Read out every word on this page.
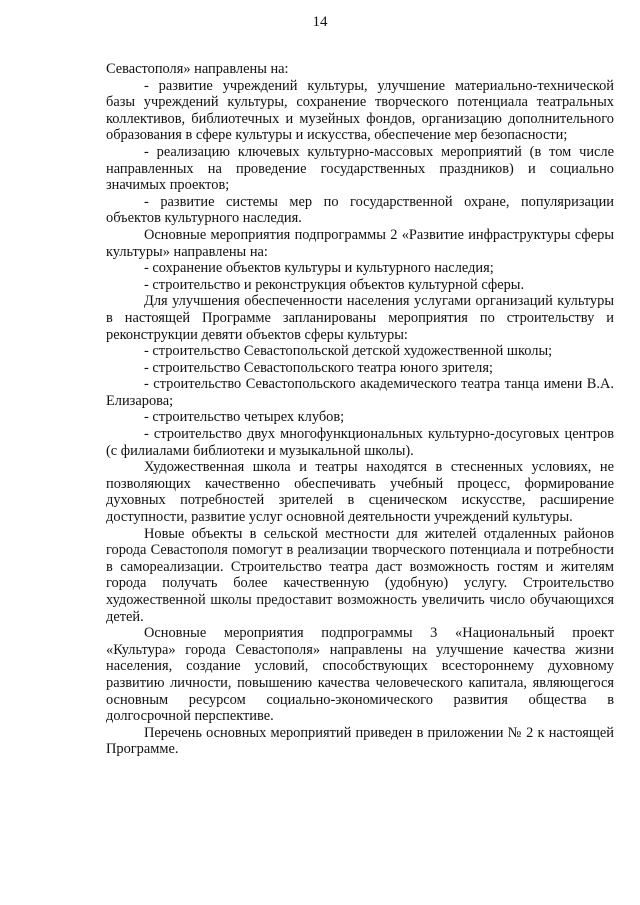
14

Севастополя» направлены на:

- развитие учреждений культуры, улучшение материально-технической базы учреждений культуры, сохранение творческого потенциала театральных коллективов, библиотечных и музейных фондов, организацию дополнительного образования в сфере культуры и искусства, обеспечение мер безопасности;

- реализацию ключевых культурно-массовых мероприятий (в том числе направленных на проведение государственных праздников) и социально значимых проектов;

- развитие системы мер по государственной охране, популяризации объектов культурного наследия.

Основные мероприятия подпрограммы 2 «Развитие инфраструктуры сферы культуры» направлены на:

- сохранение объектов культуры и культурного наследия;

- строительство и реконструкция объектов культурной сферы.

Для улучшения обеспеченности населения услугами организаций культуры в настоящей Программе запланированы мероприятия по строительству и реконструкции девяти объектов сферы культуры:

- строительство Севастопольской детской художественной школы;

- строительство Севастопольского театра юного зрителя;

- строительство Севастопольского академического театра танца имени В.А. Елизарова;

- строительство четырех клубов;

- строительство двух многофункциональных культурно-досуговых центров (с филиалами библиотеки и музыкальной школы).

Художественная школа и театры находятся в стесненных условиях, не позволяющих качественно обеспечивать учебный процесс, формирование духовных потребностей зрителей в сценическом искусстве, расширение доступности, развитие услуг основной деятельности учреждений культуры.

Новые объекты в сельской местности для жителей отдаленных районов города Севастополя помогут в реализации творческого потенциала и потребности в самореализации. Строительство театра даст возможность гостям и жителям города получать более качественную (удобную) услугу. Строительство художественной школы предоставит возможность увеличить число обучающихся детей.

Основные мероприятия подпрограммы 3 «Национальный проект «Культура» города Севастополя» направлены на улучшение качества жизни населения, создание условий, способствующих всестороннему духовному развитию личности, повышению качества человеческого капитала, являющегося основным ресурсом социально-экономического развития общества в долгосрочной перспективе.

Перечень основных мероприятий приведен в приложении № 2 к настоящей Программе.
